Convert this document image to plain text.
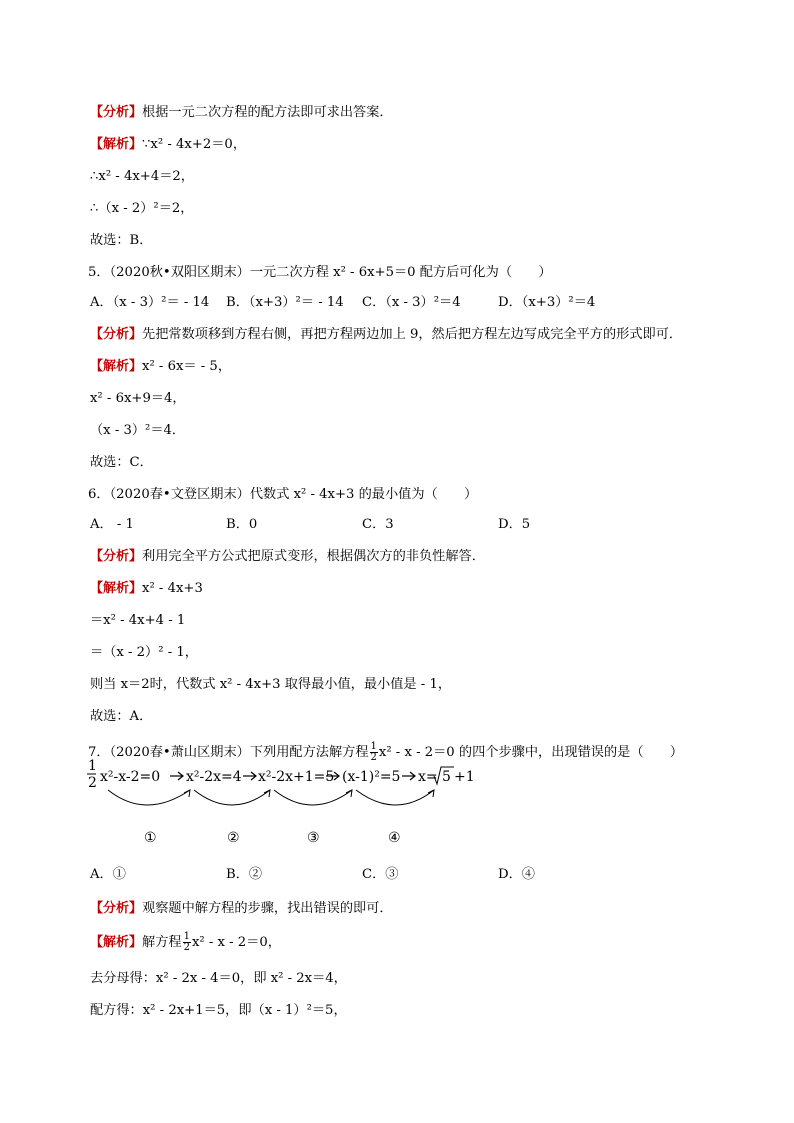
【分析】根据一元二次方程的配方法即可求出答案．
【解析】∵x² - 4x+2＝0，
∴x² - 4x+4＝2，
∴（x - 2）²＝2，
故选：B．
5．（2020秋•双阳区期末）一元二次方程 x² - 6x+5＝0 配方后可化为（　　）
A．（x - 3）²＝ - 14 B．（x+3）²＝ - 14 C．（x - 3）²＝4	D．（x+3）²＝4
【分析】先把常数项移到方程右侧，再把方程两边加上 9，然后把方程左边写成完全平方的形式即可．
【解析】x² - 6x＝ - 5，
x² - 6x+9＝4，
（x - 3）²＝4．
故选：C．
6．（2020春•文登区期末）代数式 x² - 4x+3 的最小值为（　　）
A． - 1	B．0	C．3	D．5
【分析】利用完全平方公式把原式变形，根据偶次方的非负性解答．
【解析】x² - 4x+3
＝x² - 4x+4 - 1
＝（x - 2）² - 1，
则当 x＝2时，代数式 x² - 4x+3 取得最小值，最小值是 - 1，
故选：A．
7．（2020春•萧山区期末）下列用配方法解方程 $\frac{1}{2} x^2 - x - 2=0$ 的四个步骤中，出现错误的是（　　）
1
2 x²-x-2=0 x²-2x=4 x²-2x+1=5 (x-1)²=5 x= 5 +1
①	②	③	④
A．①	B．②	C．③	D．④
【分析】观察题中解方程的步骤，找出错误的即可．
【解析】解方程 $\frac{1}{2} x^2 - x - 2=0$，
去分母得：x² - 2x - 4＝0，即 x² - 2x＝4，
配方得：x² - 2x+1＝5，即（x - 1）²＝5，
